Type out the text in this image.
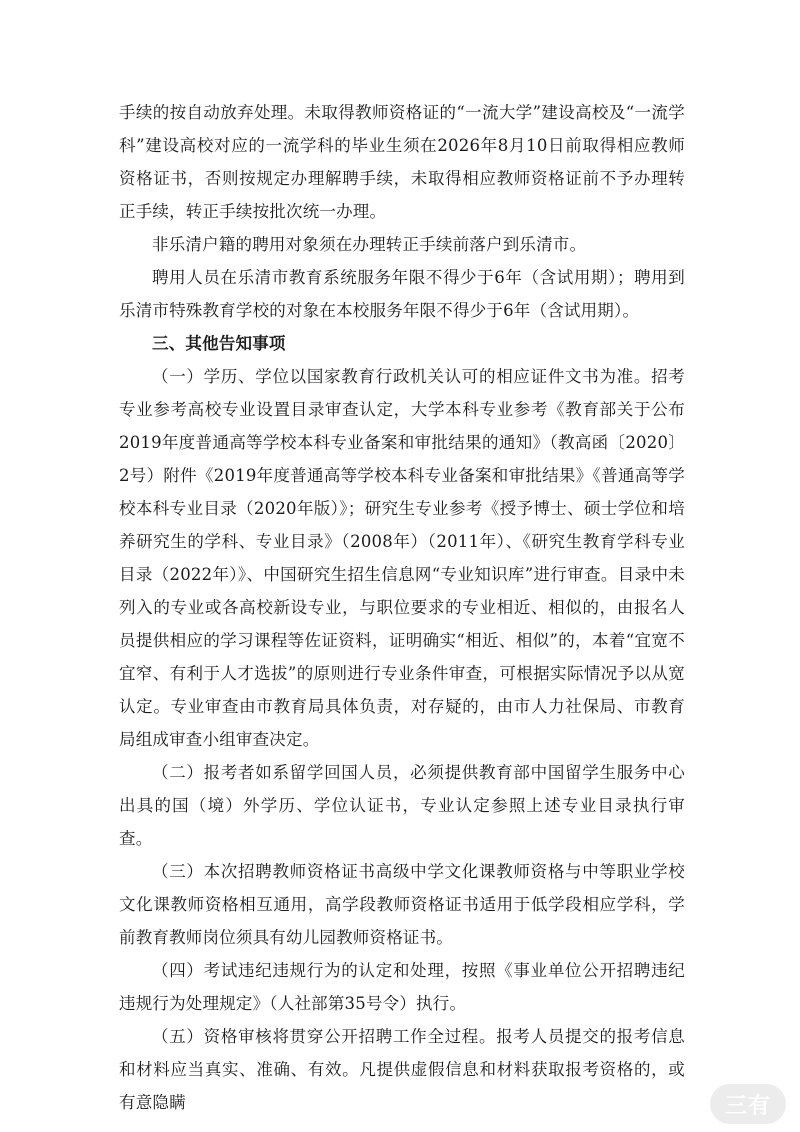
手续的按自动放弃处理。未取得教师资格证的“一流大学”建设高校及“一流学科”建设高校对应的一流学科的毕业生须在2026年8月10日前取得相应教师资格证书，否则按规定办理解聘手续，未取得相应教师资格证前不予办理转正手续，转正手续按批次统一办理。

非乐清户籍的聘用对象须在办理转正手续前落户到乐清市。

聘用人员在乐清市教育系统服务年限不得少于6年（含试用期）；聘用到乐清市特殊教育学校的对象在本校服务年限不得少于6年（含试用期）。

三、其他告知事项

（一）学历、学位以国家教育行政机关认可的相应证件文书为准。招考专业参考高校专业设置目录审查认定，大学本科专业参考《教育部关于公布2019年度普通高等学校本科专业备案和审批结果的通知》（教高函〔2020〕2号）附件《2019年度普通高等学校本科专业备案和审批结果》《普通高等学校本科专业目录（2020年版）》；研究生专业参考《授予博士、硕士学位和培养研究生的学科、专业目录》（2008年）（2011年）、《研究生教育学科专业目录（2022年）》、中国研究生招生信息网“专业知识库”进行审查。目录中未列入的专业或各高校新设专业，与职位要求的专业相近、相似的，由报名人员提供相应的学习课程等佐证资料，证明确实“相近、相似”的，本着“宜宽不宜窄、有利于人才选拔”的原则进行专业条件审查，可根据实际情况予以从宽认定。专业审查由市教育局具体负责，对存疑的，由市人力社保局、市教育局组成审查小组审查决定。

（二）报考者如系留学回国人员，必须提供教育部中国留学生服务中心出具的国（境）外学历、学位认证书，专业认定参照上述专业目录执行审查。

（三）本次招聘教师资格证书高级中学文化课教师资格与中等职业学校文化课教师资格相互通用，高学段教师资格证书适用于低学段相应学科，学前教育教师岗位须具有幼儿园教师资格证书。

（四）考试违纪违规行为的认定和处理，按照《事业单位公开招聘违纪违规行为处理规定》（人社部第35号令）执行。

（五）资格审核将贯穿公开招聘工作全过程。报考人员提交的报考信息和材料应当真实、准确、有效。凡提供虚假信息和材料获取报考资格的，或有意隐瞒	三有
